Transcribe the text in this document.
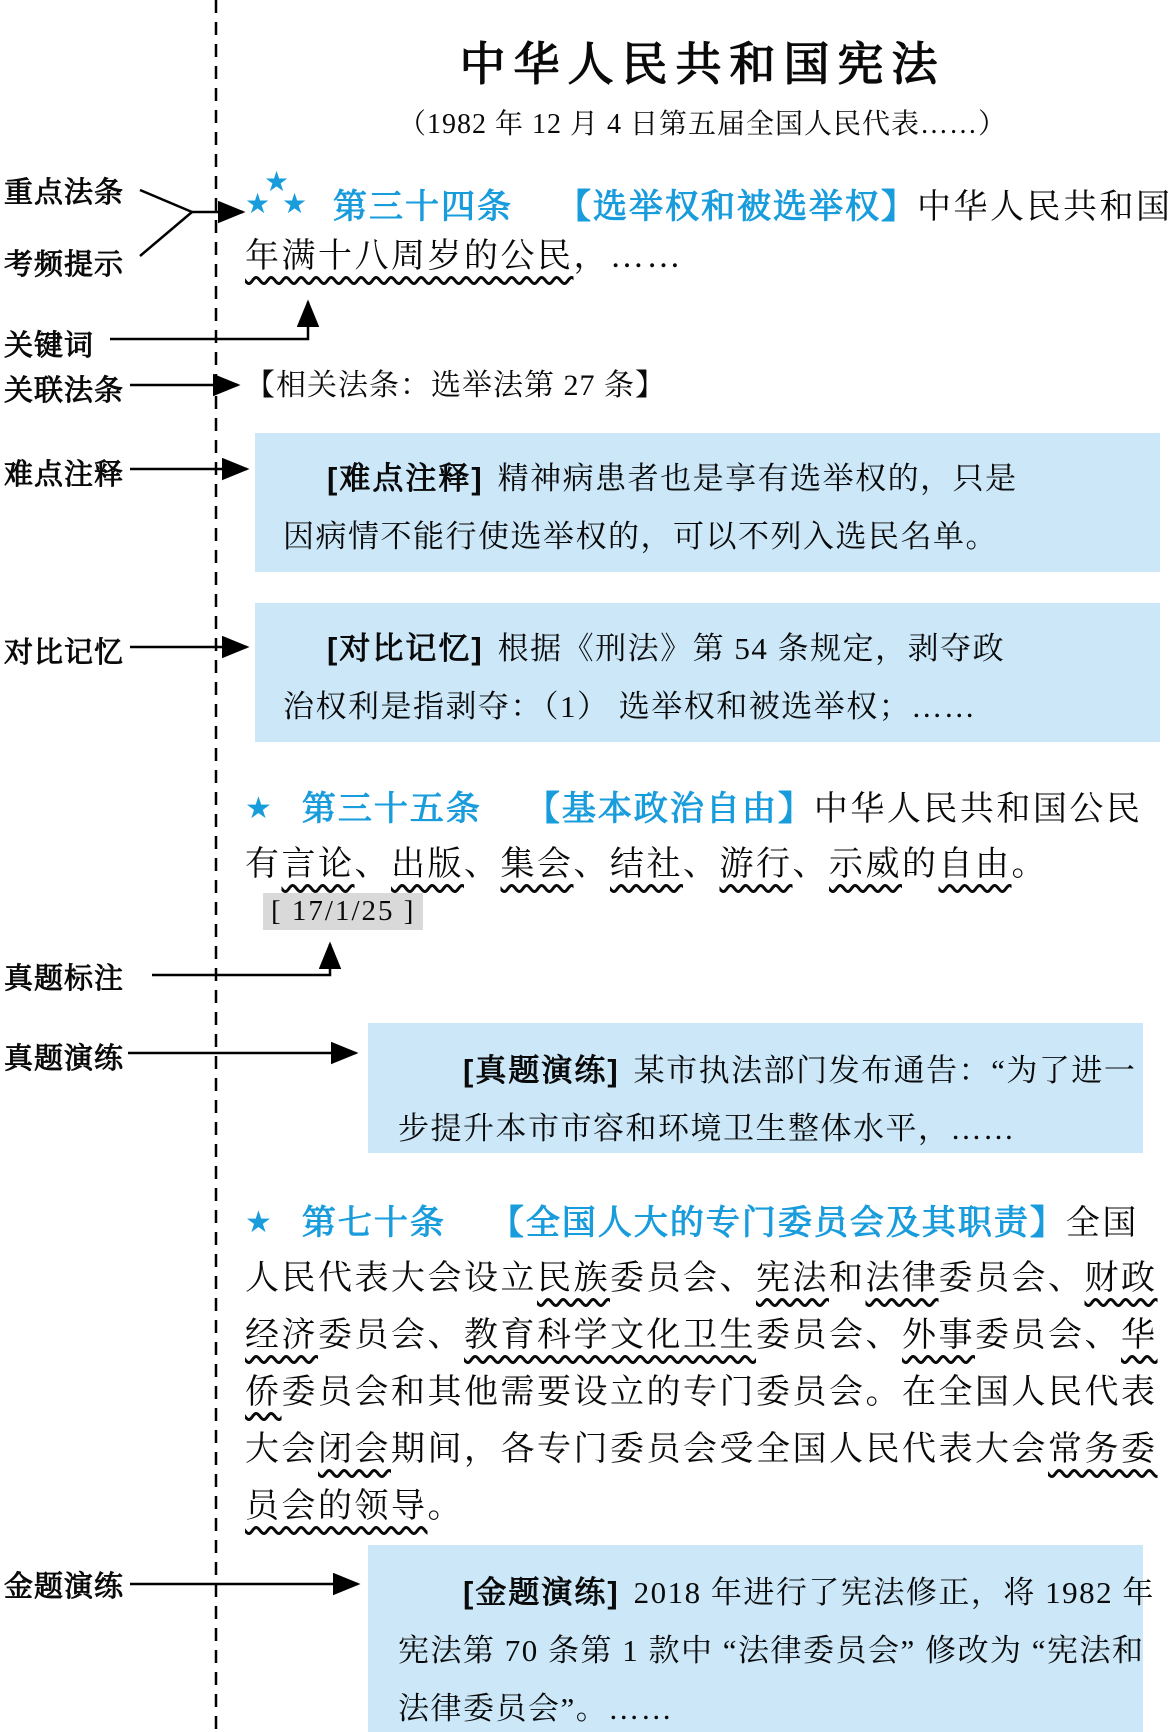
中华人民共和国宪法
（1982 年 12 月 4 日第五届全国人民代表……）
重点法条
考频提示
关键词
关联法条
难点注释
对比记忆
真题标注
真题演练
金题演练
★
★ ★ 第三十四条 【选举权和被选举权】中华人民共和国
年满十八周岁的公民，……
【相关法条：选举法第 27 条】
[难点注释] 精神病患者也是享有选举权的，只是
因病情不能行使选举权的，可以不列入选民名单。
[对比记忆] 根据《刑法》第 54 条规定，剥夺政
治权利是指剥夺：（1） 选举权和被选举权；……
★ 第三十五条 【基本政治自由】中华人民共和国公民
有言论、出版、集会、结社、游行、示威的自由。
[ 17/1/25 ]
[真题演练] 某市执法部门发布通告：“为了进一
步提升本市市容和环境卫生整体水平，……
★ 第七十条 【全国人大的专门委员会及其职责】全国
人民代表大会设立民族委员会、宪法和法律委员会、财政
经济委员会、教育科学文化卫生委员会、外事委员会、华
侨委员会和其他需要设立的专门委员会。在全国人民代表
大会闭会期间，各专门委员会受全国人民代表大会常务委
员会的领导。
[金题演练] 2018 年进行了宪法修正，将 1982 年
宪法第 70 条第 1 款中 “法律委员会” 修改为 “宪法和
法律委员会”。……
